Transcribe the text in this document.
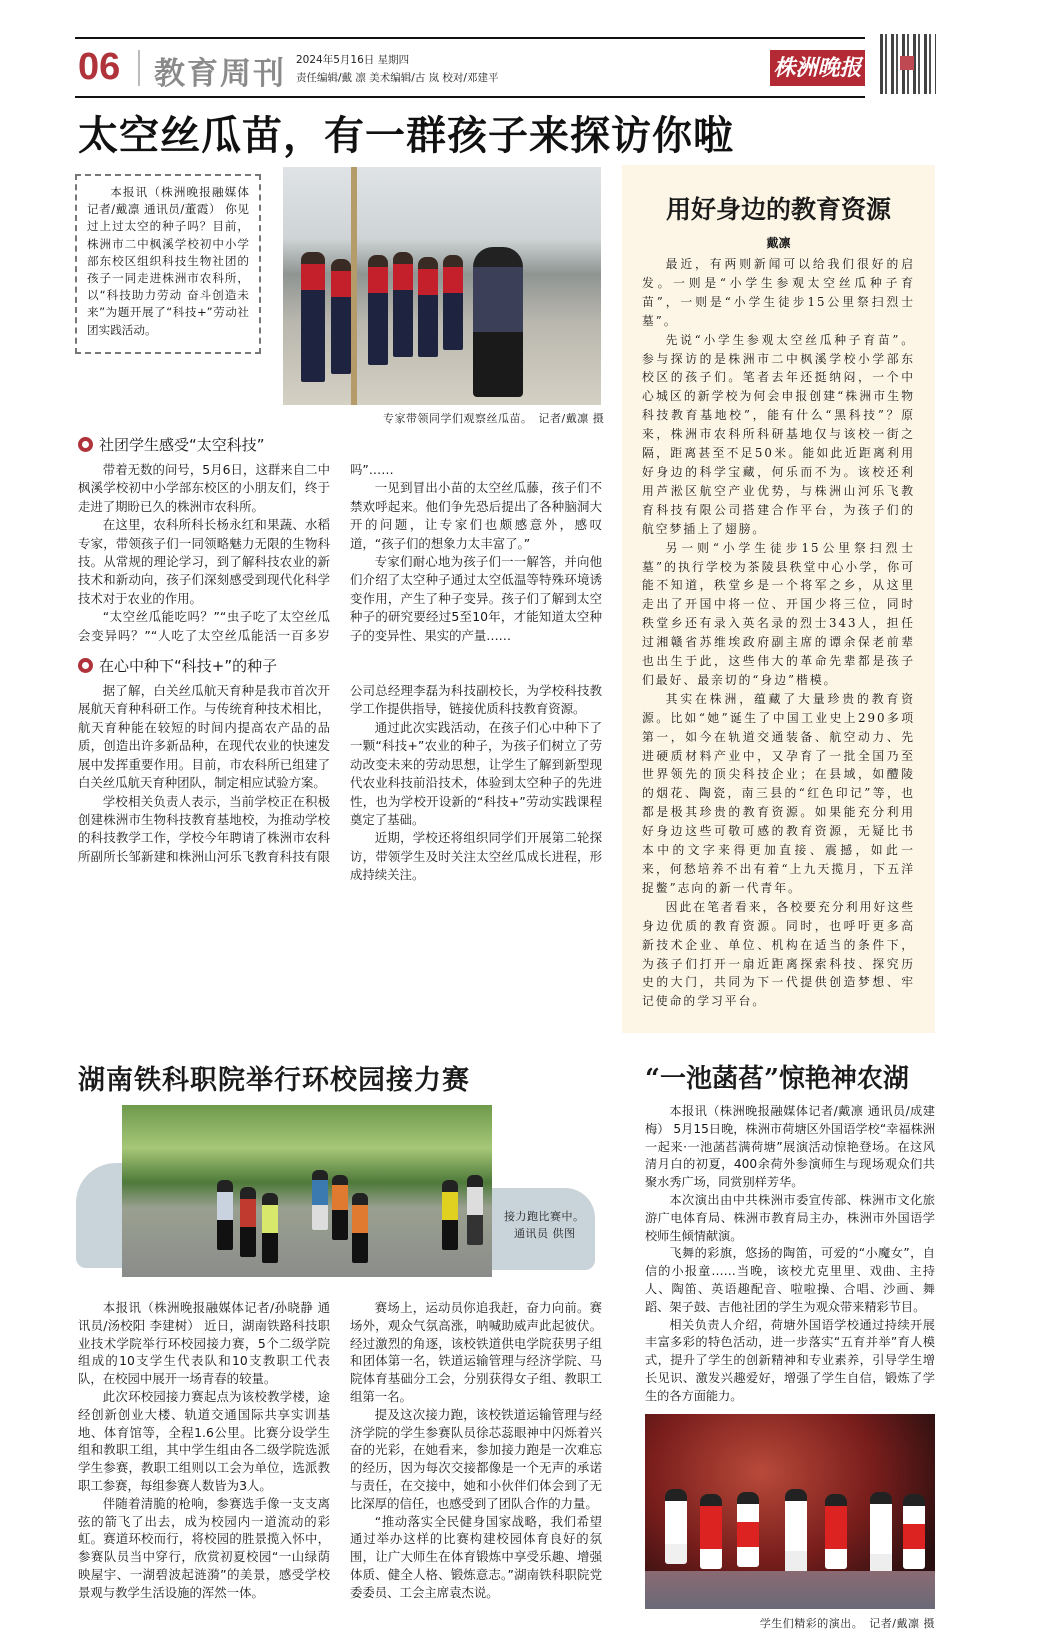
06 教育周刊 2024年5月16日 星期四
责任编辑/戴 凛 美术编辑/古 岚 校对/邓建平	株洲晚报
太空丝瓜苗，有一群孩子来探访你啦
本报讯（株洲晚报融媒体记者/戴凛 通讯员/董霞） 你见过上过太空的种子吗？目前，株洲市二中枫溪学校初中小学部东校区组织科技生物社团的孩子一同走进株洲市农科所，以“科技助力劳动 奋斗创造未来”为题开展了“科技+”劳动社团实践活动。
专家带领同学们观察丝瓜苗。　记者/戴凛 摄
社团学生感受“太空科技”

带着无数的问号，5月6日，这群来自二中枫溪学校初中小学部东校区的小朋友们，终于走进了期盼已久的株洲市农科所。

在这里，农科所科长杨永红和果蔬、水稻专家，带领孩子们一同领略魅力无限的生物科技。从常规的理论学习，到了解科技农业的新技术和新动向，孩子们深刻感受到现代化科学技术对于农业的作用。

“太空丝瓜能吃吗？”“虫子吃了太空丝瓜会变异吗？”“人吃了太空丝瓜能活一百多岁吗”……

一见到冒出小苗的太空丝瓜藤，孩子们不禁欢呼起来。他们争先恐后提出了各种脑洞大开的问题，让专家们也颇感意外，感叹道，“孩子们的想象力太丰富了。”

专家们耐心地为孩子们一一解答，并向他们介绍了太空种子通过太空低温等特殊环境诱变作用，产生了种子变异。孩子们了解到太空种子的研究要经过5至10年，才能知道太空种子的变异性、果实的产量……

在心中种下“科技+”的种子

据了解，白关丝瓜航天育种是我市首次开展航天育种科研工作。与传统育种技术相比，航天育种能在较短的时间内提高农产品的品质，创造出许多新品种，在现代农业的快速发展中发挥重要作用。目前，市农科所已组建了白关丝瓜航天育种团队，制定相应试验方案。

学校相关负责人表示，当前学校正在积极创建株洲市生物科技教育基地校，为推动学校的科技教学工作，学校今年聘请了株洲市农科所副所长邹新建和株洲山河乐飞教育科技有限公司总经理李磊为科技副校长，为学校科技教学工作提供指导，链接优质科技教育资源。

通过此次实践活动，在孩子们心中种下了一颗“科技+”农业的种子，为孩子们树立了劳动改变未来的劳动思想，让学生了解到新型现代农业科技前沿技术，体验到太空种子的先进性，也为学校开设新的“科技+”劳动实践课程奠定了基础。

近期，学校还将组织同学们开展第二轮探访，带领学生及时关注太空丝瓜成长进程，形成持续关注。

用好身边的教育资源
戴凛

最近，有两则新闻可以给我们很好的启发。一则是“小学生参观太空丝瓜种子育苗”，一则是“小学生徒步15公里祭扫烈士墓”。

先说“小学生参观太空丝瓜种子育苗”。参与探访的是株洲市二中枫溪学校小学部东校区的孩子们。笔者去年还挺纳闷，一个中心城区的新学校为何会申报创建“株洲市生物科技教育基地校”，能有什么“黑科技”？原来，株洲市农科所科研基地仅与该校一街之隔，距离甚至不足50米。能如此近距离利用好身边的科学宝藏，何乐而不为。该校还利用芦淞区航空产业优势，与株洲山河乐飞教育科技有限公司搭建合作平台，为孩子们的航空梦插上了翅膀。

另一则“小学生徒步15公里祭扫烈士墓”的执行学校为茶陵县秩堂中心小学，你可能不知道，秩堂乡是一个将军之乡，从这里走出了开国中将一位、开国少将三位，同时秩堂乡还有录入英名录的烈士343人，担任过湘赣省苏维埃政府副主席的谭余保老前辈也出生于此，这些伟大的革命先辈都是孩子们最好、最亲切的“身边”楷模。

其实在株洲，蕴藏了大量珍贵的教育资源。比如“她”诞生了中国工业史上290多项第一，如今在轨道交通装备、航空动力、先进硬质材料产业中，又孕育了一批全国乃至世界领先的顶尖科技企业；在县域，如醴陵的烟花、陶瓷，南三县的“红色印记”等，也都是极其珍贵的教育资源。如果能充分利用好身边这些可敬可感的教育资源，无疑比书本中的文字来得更加直接、震撼，如此一来，何愁培养不出有着“上九天揽月，下五洋捉鳖”志向的新一代青年。

因此在笔者看来，各校要充分利用好这些身边优质的教育资源。同时，也呼吁更多高新技术企业、单位、机构在适当的条件下，为孩子们打开一扇近距离探索科技、探究历史的大门，共同为下一代提供创造梦想、牢记使命的学习平台。

湖南铁科职院举行环校园接力赛
接力跑比赛中。
通讯员 供图

本报讯（株洲晚报融媒体记者/孙晓静 通讯员/汤校阳 李建树） 近日，湖南铁路科技职业技术学院举行环校园接力赛，5个二级学院组成的10支学生代表队和10支教职工代表队，在校园中展开一场青春的较量。

此次环校园接力赛起点为该校教学楼，途经创新创业大楼、轨道交通国际共享实训基地、体育馆等，全程1.6公里。比赛分设学生组和教职工组，其中学生组由各二级学院选派学生参赛，教职工组则以工会为单位，选派教职工参赛，每组参赛人数皆为3人。

伴随着清脆的枪响，参赛选手像一支支离弦的箭飞了出去，成为校园内一道流动的彩虹。赛道环校而行，将校园的胜景揽入怀中，参赛队员当中穿行，欣赏初夏校园“一山绿荫映屋宇、一湖碧波起涟漪”的美景，感受学校景观与教学生活设施的浑然一体。

赛场上，运动员你追我赶，奋力向前。赛场外，观众气氛高涨，呐喊助威声此起彼伏。经过激烈的角逐，该校铁道供电学院获男子组和团体第一名，铁道运输管理与经济学院、马院体育基础分工会，分别获得女子组、教职工组第一名。

提及这次接力跑，该校铁道运输管理与经济学院的学生参赛队员徐芯蕊眼神中闪烁着兴奋的光彩，在她看来，参加接力跑是一次难忘的经历，因为每次交接都像是一个无声的承诺与责任，在交接中，她和小伙伴们体会到了无比深厚的信任，也感受到了团队合作的力量。

“推动落实全民健身国家战略，我们希望通过举办这样的比赛构建校园体育良好的氛围，让广大师生在体育锻炼中享受乐趣、增强体质、健全人格、锻炼意志。”湖南铁科职院党委委员、工会主席袁杰说。

“一池菡萏”惊艳神农湖

本报讯（株洲晚报融媒体记者/戴凛 通讯员/成建梅） 5月15日晚，株洲市荷塘区外国语学校“幸福株洲一起来·一池菡萏满荷塘”展演活动惊艳登场。在这风清月白的初夏，400余荷外参演师生与现场观众们共聚水秀广场，同赏别样芳华。

本次演出由中共株洲市委宣传部、株洲市文化旅游广电体育局、株洲市教育局主办，株洲市外国语学校师生倾情献演。

飞舞的彩旗，悠扬的陶笛，可爱的“小魔女”，自信的小报童……当晚，该校尤克里里、戏曲、主持人、陶笛、英语趣配音、啦啦操、合唱、沙画、舞蹈、架子鼓、吉他社团的学生为观众带来精彩节目。

相关负责人介绍，荷塘外国语学校通过持续开展丰富多彩的特色活动，进一步落实“五育并举”育人模式，提升了学生的创新精神和专业素养，引导学生增长见识、激发兴趣爱好，增强了学生自信，锻炼了学生的各方面能力。

学生们精彩的演出。　记者/戴凛 摄
